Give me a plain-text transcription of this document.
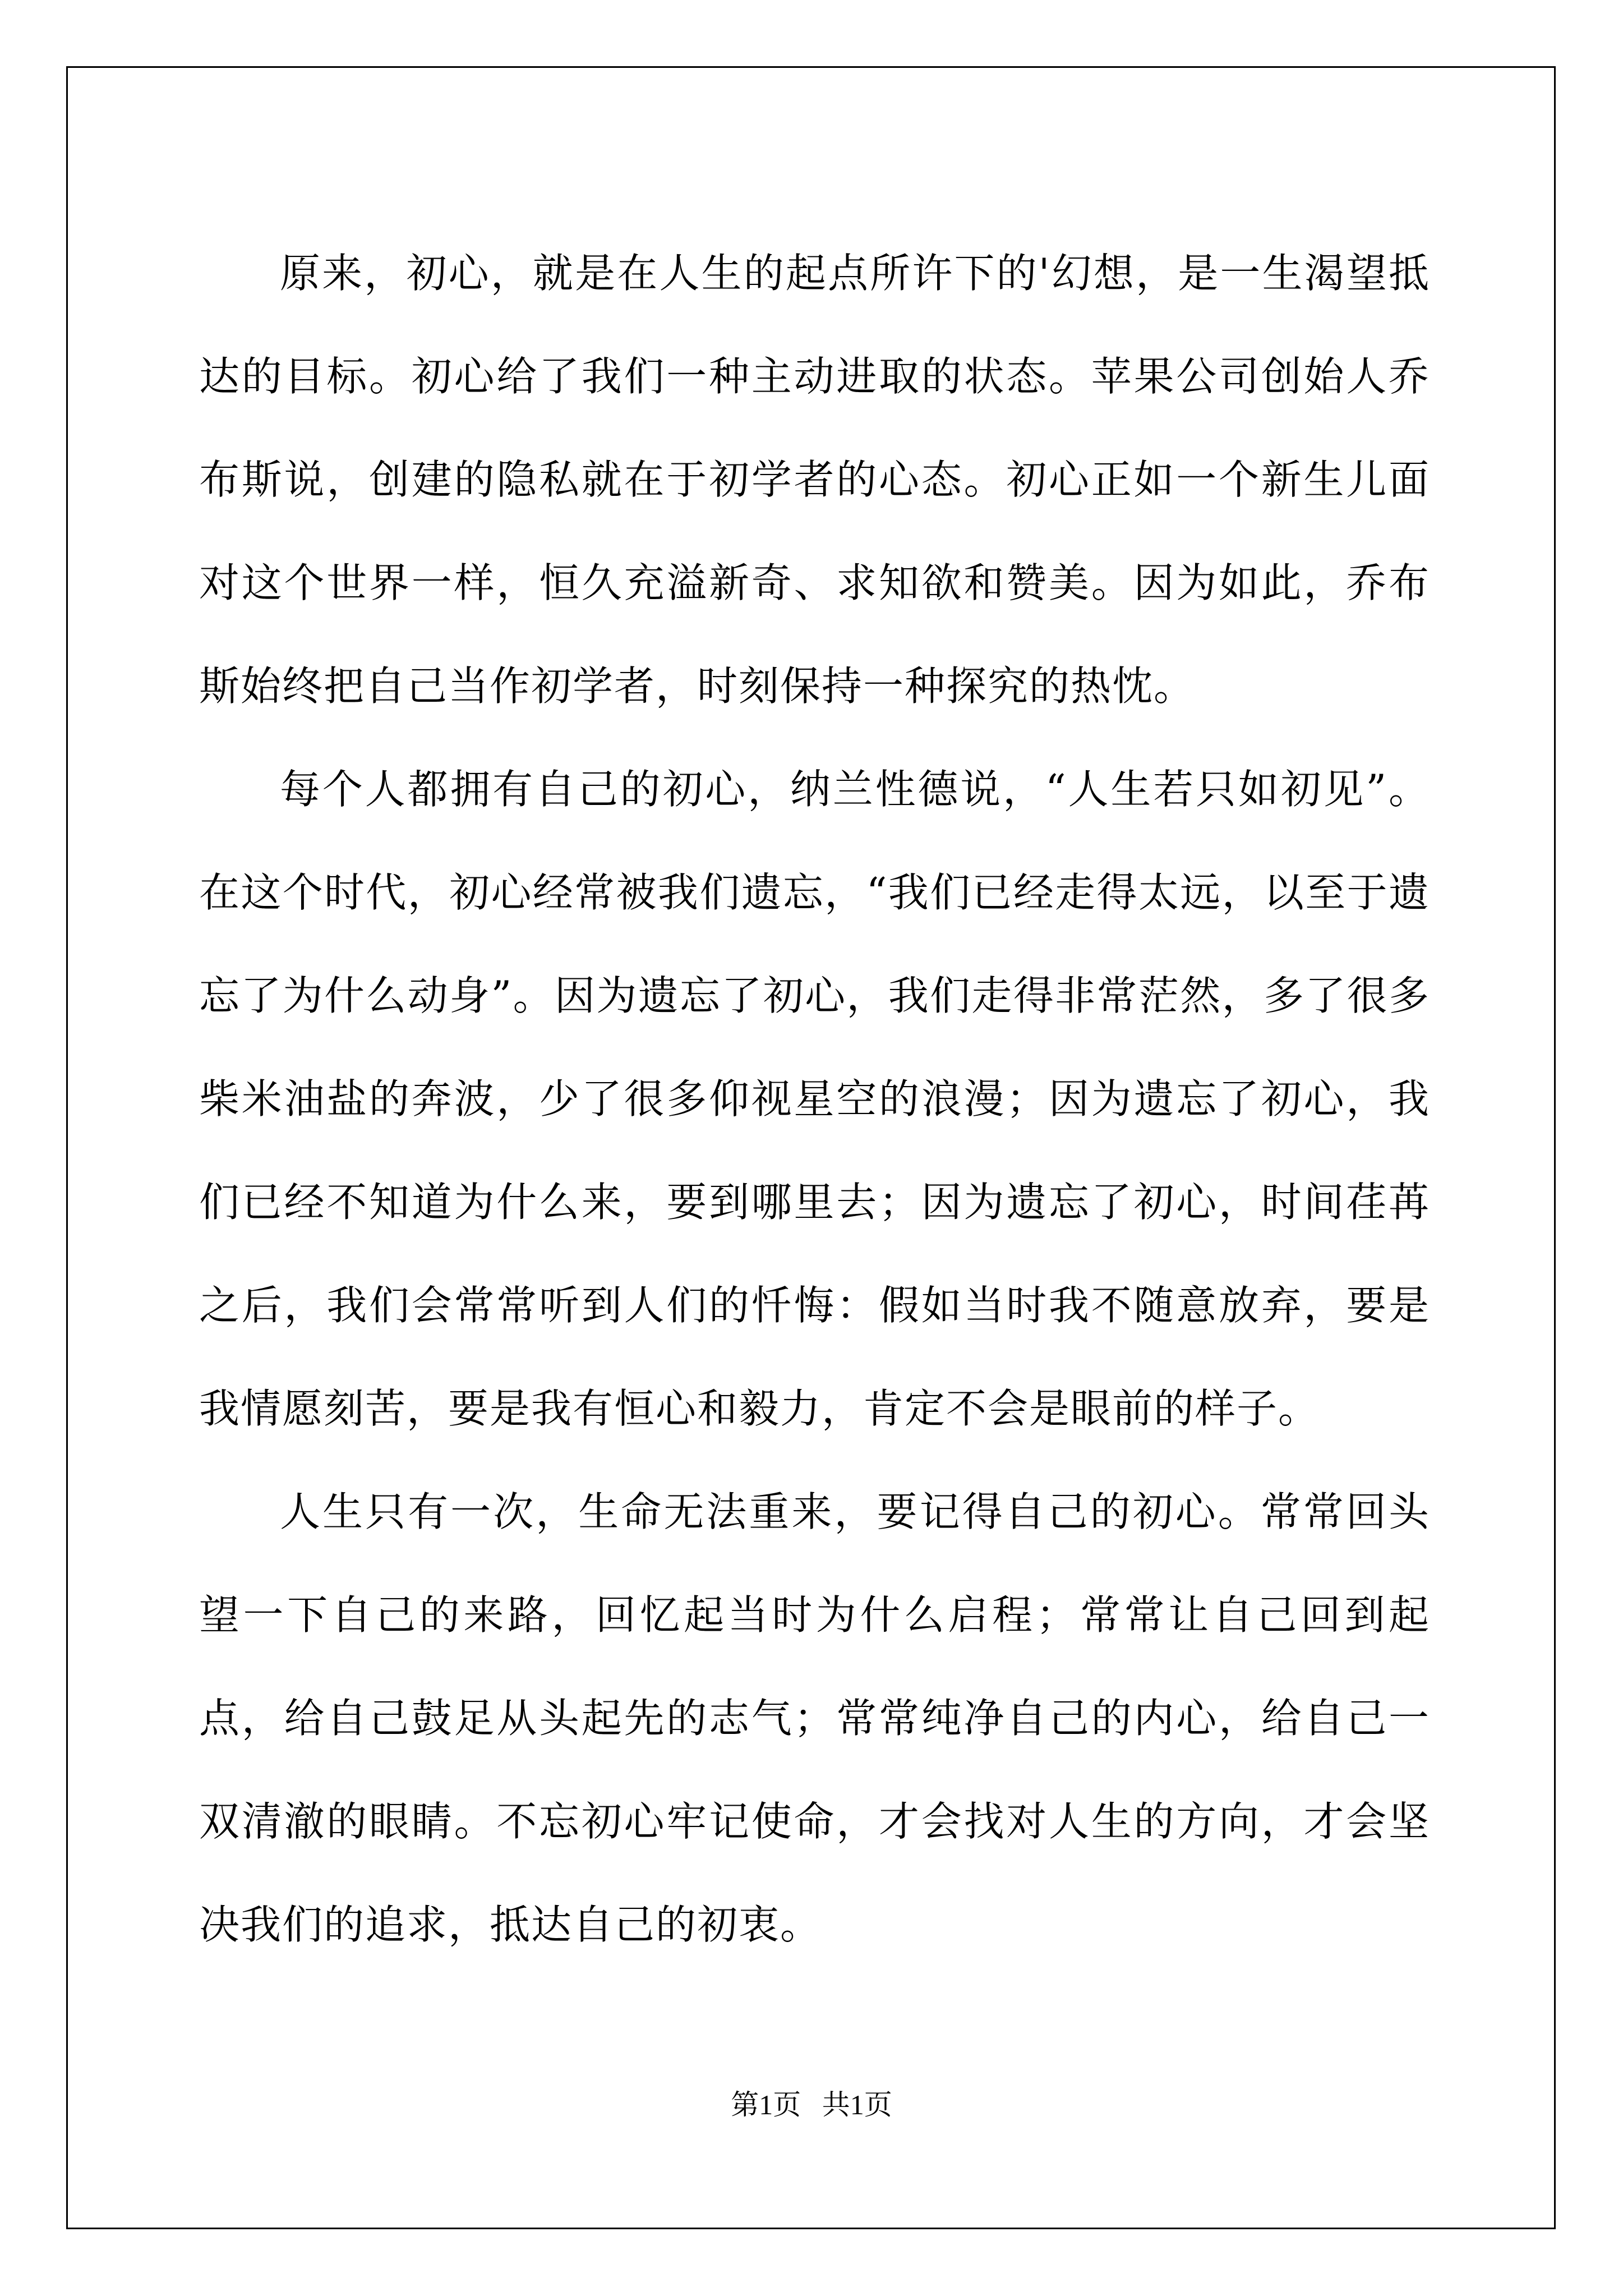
原来，初心，就是在人生的起点所许下的'幻想，是一生渴望抵达的目标。初心给了我们一种主动进取的状态。苹果公司创始人乔布斯说，创建的隐私就在于初学者的心态。初心正如一个新生儿面对这个世界一样，恒久充溢新奇、求知欲和赞美。因为如此，乔布斯始终把自己当作初学者，时刻保持一种探究的热忱。

每个人都拥有自己的初心，纳兰性德说，“人生若只如初见”。在这个时代，初心经常被我们遗忘，“我们已经走得太远，以至于遗忘了为什么动身”。因为遗忘了初心，我们走得非常茫然，多了很多柴米油盐的奔波，少了很多仰视星空的浪漫；因为遗忘了初心，我们已经不知道为什么来，要到哪里去；因为遗忘了初心，时间荏苒之后，我们会常常听到人们的忏悔：假如当时我不随意放弃，要是我情愿刻苦，要是我有恒心和毅力，肯定不会是眼前的样子。

人生只有一次，生命无法重来，要记得自己的初心。常常回头望一下自己的来路，回忆起当时为什么启程；常常让自己回到起点，给自己鼓足从头起先的志气；常常纯净自己的内心，给自己一双清澈的眼睛。不忘初心牢记使命，才会找对人生的方向，才会坚决我们的追求，抵达自己的初衷。

第1页   共1页
